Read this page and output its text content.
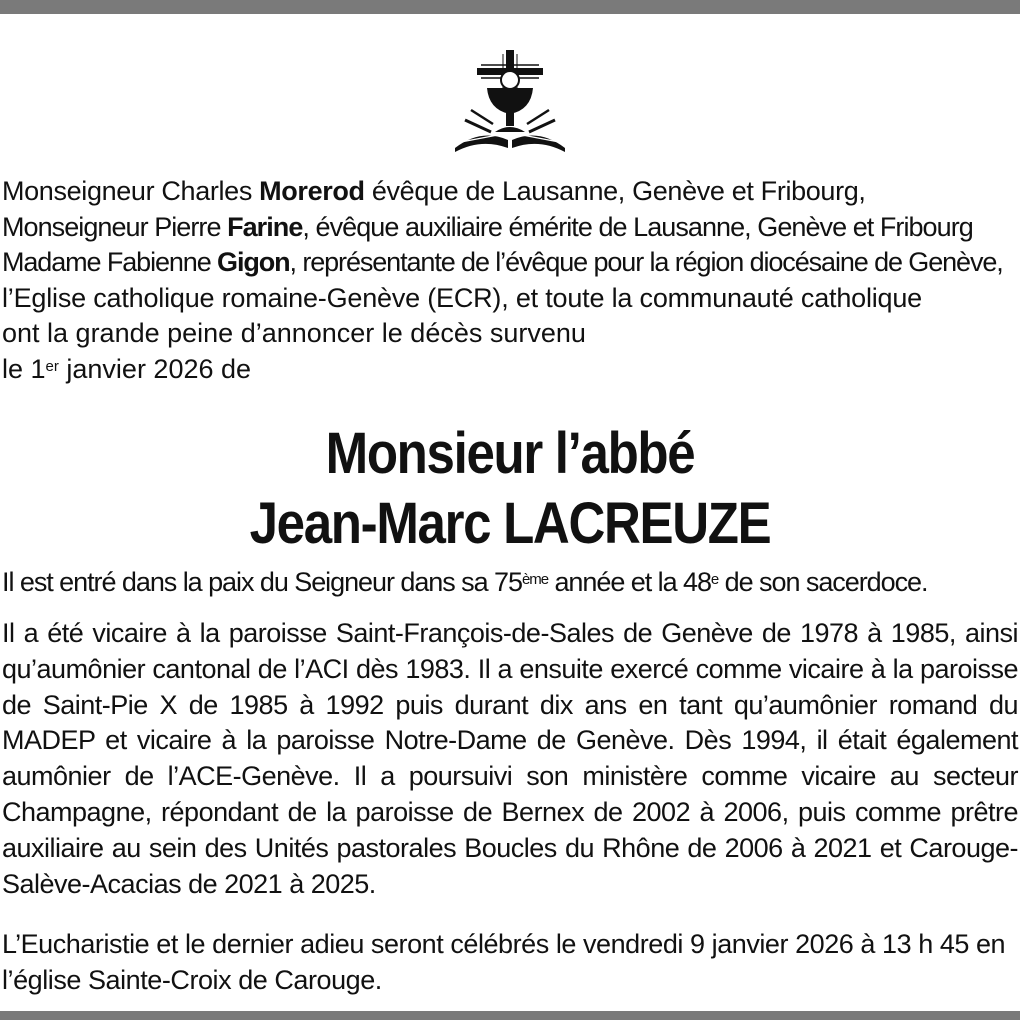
Monseigneur Charles Morerod évêque de Lausanne, Genève et Fribourg,
Monseigneur Pierre Farine, évêque auxiliaire émérite de Lausanne, Genève et Fribourg
Madame Fabienne Gigon, représentante de l’évêque pour la région diocésaine de Genève,
l’Eglise catholique romaine-Genève (ECR), et toute la communauté catholique
ont la grande peine d’annoncer le décès survenu
le 1er janvier 2026 de
Monsieur l’abbé
Jean-Marc LACREUZE
Il est entré dans la paix du Seigneur dans sa 75ème année et la 48e de son sacerdoce.
Il a été vicaire à la paroisse Saint-François-de-Sales de Genève de 1978 à 1985, ainsi qu’aumônier cantonal de l’ACI dès 1983. Il a ensuite exercé comme vicaire à la paroisse de Saint-Pie X de 1985 à 1992 puis durant dix ans en tant qu’aumônier romand du MADEP et vicaire à la paroisse Notre-Dame de Genève. Dès 1994, il était également aumônier de l’ACE-Genève. Il a poursuivi son ministère comme vicaire au secteur Champagne, répondant de la paroisse de Bernex de 2002 à 2006, puis comme prêtre auxiliaire au sein des Unités pastorales Boucles du Rhône de 2006 à 2021 et Carouge-Salève-Acacias de 2021 à 2025.
L’Eucharistie et le dernier adieu seront célébrés le vendredi 9 janvier 2026 à 13 h 45 en l’église Sainte-Croix de Carouge.
